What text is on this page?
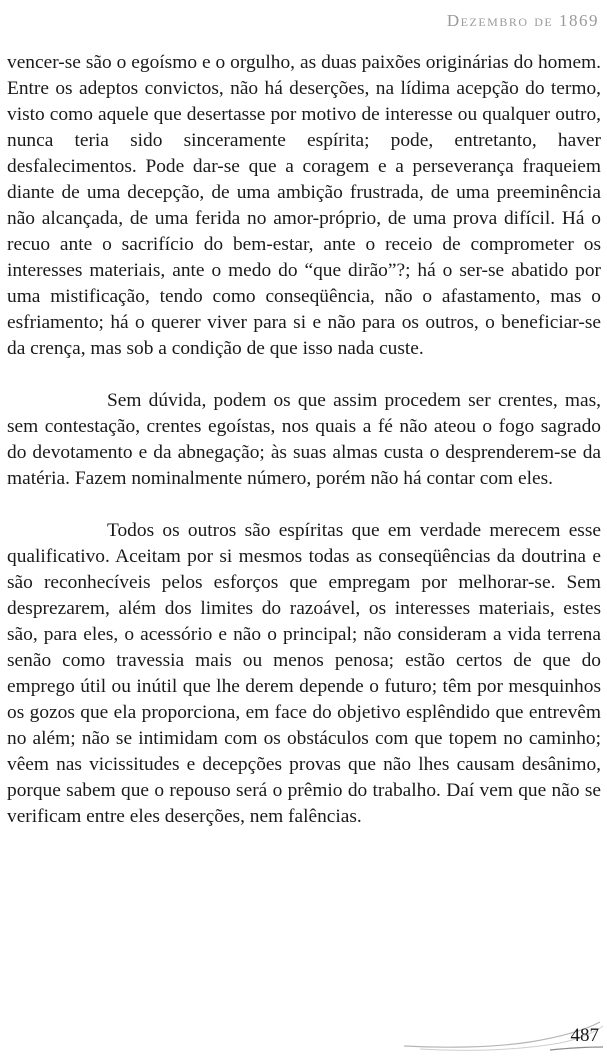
Dezembro de 1869

vencer-se são o egoísmo e o orgulho, as duas paixões originárias do homem. Entre os adeptos convictos, não há deserções, na lídima acepção do termo, visto como aquele que desertasse por motivo de interesse ou qualquer outro, nunca teria sido sinceramente espírita; pode, entretanto, haver desfalecimentos. Pode dar-se que a coragem e a perseverança fraqueiem diante de uma decepção, de uma ambição frustrada, de uma preeminência não alcançada, de uma ferida no amor-próprio, de uma prova difícil. Há o recuo ante o sacrifício do bem-estar, ante o receio de comprometer os interesses materiais, ante o medo do “que dirão”?; há o ser-se abatido por uma mistificação, tendo como conseqüência, não o afastamento, mas o esfriamento; há o querer viver para si e não para os outros, o beneficiar-se da crença, mas sob a condição de que isso nada custe.

Sem dúvida, podem os que assim procedem ser crentes, mas, sem contestação, crentes egoístas, nos quais a fé não ateou o fogo sagrado do devotamento e da abnegação; às suas almas custa o desprenderem-se da matéria. Fazem nominalmente número, porém não há contar com eles.

Todos os outros são espíritas que em verdade merecem esse qualificativo. Aceitam por si mesmos todas as conseqüências da doutrina e são reconhecíveis pelos esforços que empregam por melhorar-se. Sem desprezarem, além dos limites do razoável, os interesses materiais, estes são, para eles, o acessório e não o principal; não consideram a vida terrena senão como travessia mais ou menos penosa; estão certos de que do emprego útil ou inútil que lhe derem depende o futuro; têm por mesquinhos os gozos que ela proporciona, em face do objetivo esplêndido que entrevêm no além; não se intimidam com os obstáculos com que topem no caminho; vêem nas vicissitudes e decepções provas que não lhes causam desânimo, porque sabem que o repouso será o prêmio do trabalho. Daí vem que não se verificam entre eles deserções, nem falências.

487
